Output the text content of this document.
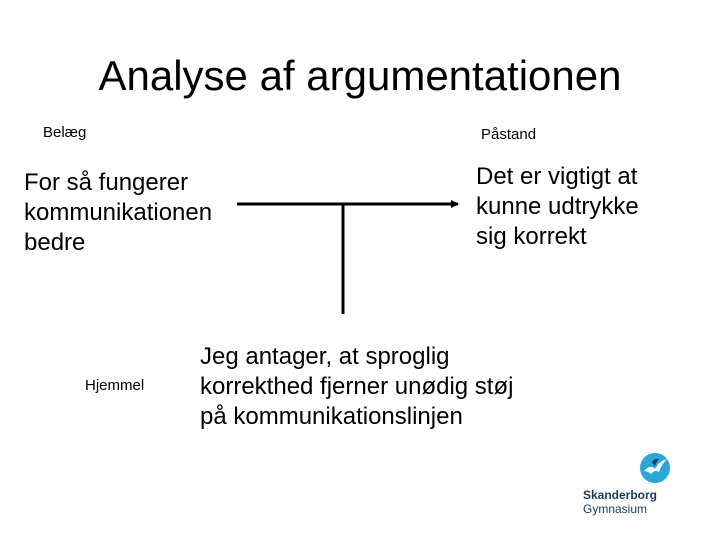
Analyse af argumentationen
Belæg	Påstand
Hjemmel
For så fungerer
kommunikationen
bedre
Det er vigtigt at
kunne udtrykke
sig korrekt
Jeg antager, at sproglig
korrekthed fjerner unødig støj
på kommunikationslinjen
Skanderborg
Gymnasium
